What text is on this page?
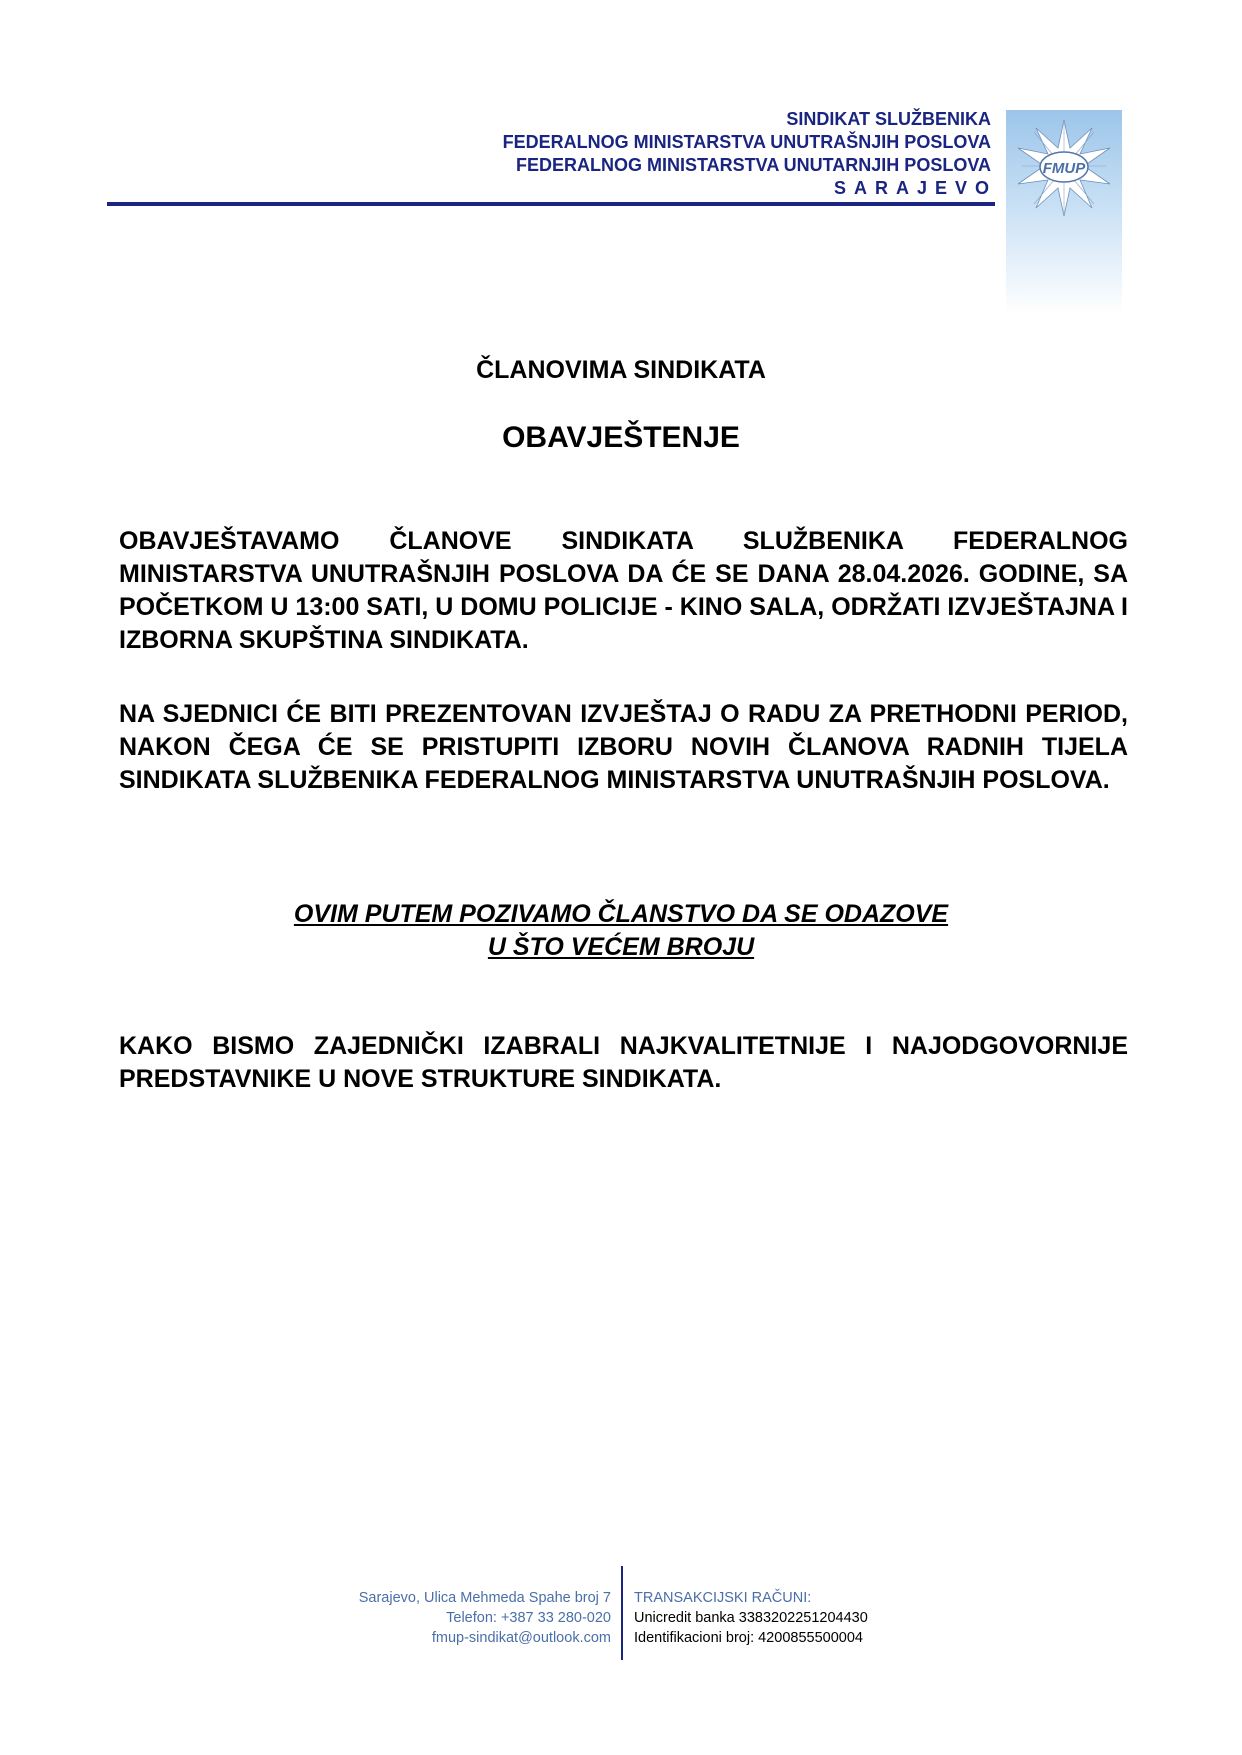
SINDIKAT SLUŽBENIKA
FEDERALNOG MINISTARSTVA UNUTRAŠNJIH POSLOVA
FEDERALNOG MINISTARSTVA UNUTARNJIH POSLOVA
SARAJEVO
FMUP
ČLANOVIMA SINDIKATA
OBAVJEŠTENJE
OBAVJEŠTAVAMO ČLANOVE SINDIKATA SLUŽBENIKA FEDERALNOG MINISTARSTVA UNUTRAŠNJIH POSLOVA DA ĆE SE DANA 28.04.2026. GODINE, SA POČETKOM U 13:00 SATI, U DOMU POLICIJE - KINO SALA, ODRŽATI IZVJEŠTAJNA I IZBORNA SKUPŠTINA SINDIKATA.
NA SJEDNICI ĆE BITI PREZENTOVAN IZVJEŠTAJ O RADU ZA PRETHODNI PERIOD, NAKON ČEGA ĆE SE PRISTUPITI IZBORU NOVIH ČLANOVA RADNIH TIJELA SINDIKATA SLUŽBENIKA FEDERALNOG MINISTARSTVA UNUTRAŠNJIH POSLOVA.
OVIM PUTEM POZIVAMO ČLANSTVO DA SE ODAZOVE
U ŠTO VEĆEM BROJU
KAKO BISMO ZAJEDNIČKI IZABRALI NAJKVALITETNIJE I NAJODGOVORNIJE PREDSTAVNIKE U NOVE STRUKTURE SINDIKATA.
Sarajevo, Ulica Mehmeda Spahe broj 7
Telefon: +387 33 280-020
fmup-sindikat@outlook.com
TRANSAKCIJSKI RAČUNI:
Unicredit banka 3383202251204430
Identifikacioni broj: 4200855500004
